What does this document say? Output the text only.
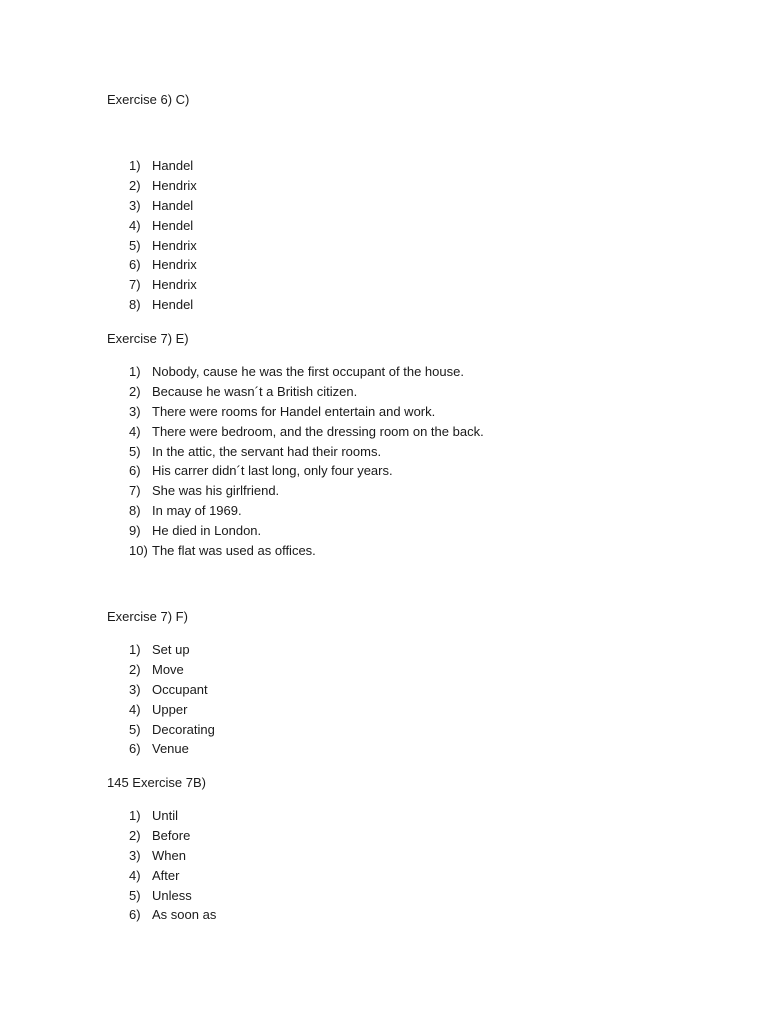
Exercise 6) C)
1) Handel
2) Hendrix
3) Handel
4) Hendel
5) Hendrix
6) Hendrix
7) Hendrix
8) Hendel
Exercise 7) E)
1) Nobody, cause he was the first occupant of the house.
2) Because he wasn´t a British citizen.
3) There were rooms for Handel entertain and work.
4) There were bedroom, and the dressing room on the back.
5) In the attic, the servant had their rooms.
6) His carrer didn´t last long, only four years.
7) She was his girlfriend.
8) In may of 1969.
9) He died in London.
10) The flat was used as offices.
Exercise 7) F)
1) Set up
2) Move
3) Occupant
4) Upper
5) Decorating
6) Venue
145 Exercise 7B)
1) Until
2) Before
3) When
4) After
5) Unless
6) As soon as
